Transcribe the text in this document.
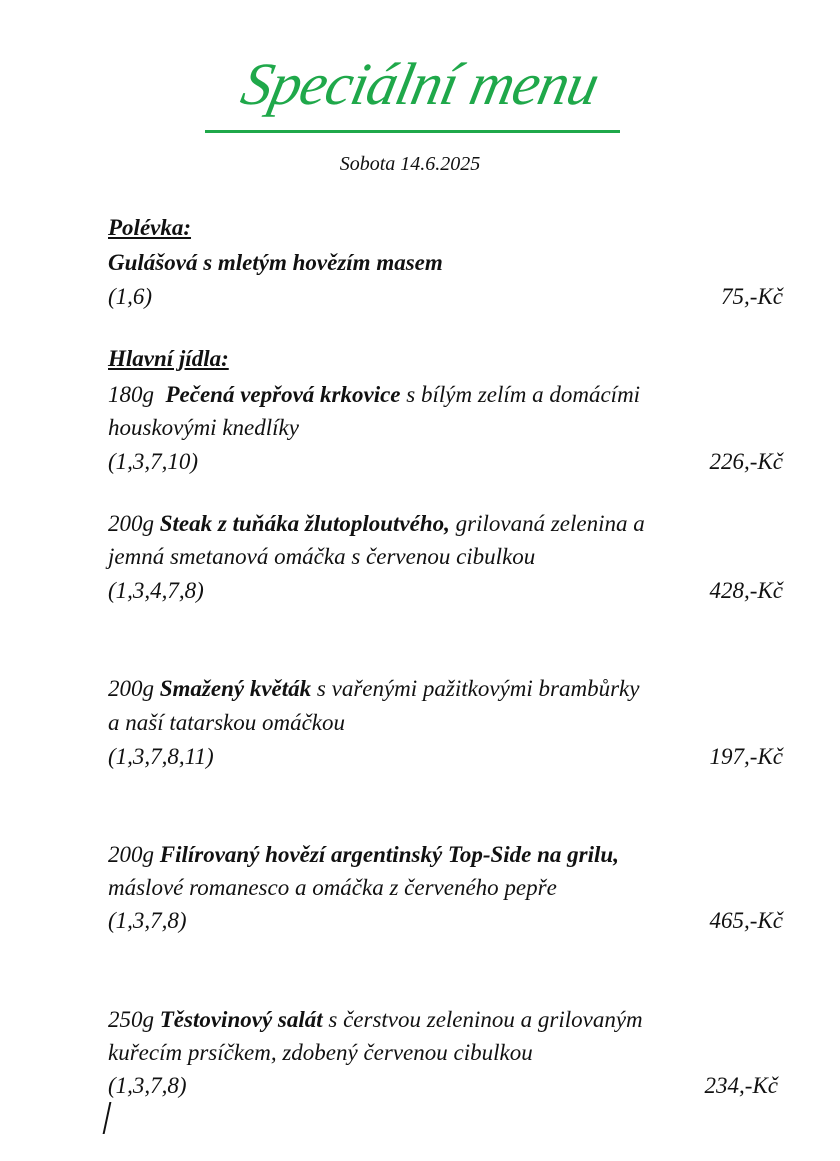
Speciální menu
Sobota 14.6.2025
Polévka:
Gulášová s mletým hovězím masem
(1,6)	75,-Kč
Hlavní jídla:
180g Pečená vepřová krkovice s bílým zelím a domácími
houskovými knedlíky
(1,3,7,10)	226,-Kč
200g Steak z tuňáka žlutoploutvého, grilovaná zelenina a
jemná smetanová omáčka s červenou cibulkou
(1,3,4,7,8)	428,-Kč
200g Smažený květák s vařenými pažitkovými brambůrky
a naší tatarskou omáčkou
(1,3,7,8,11)	197,-Kč
200g Filírovaný hovězí argentinský Top-Side na grilu,
máslové romanesco a omáčka z červeného pepře
(1,3,7,8)	465,-Kč
250g Těstovinový salát s čerstvou zeleninou a grilovaným
kuřecím prsíčkem, zdobený červenou cibulkou
(1,3,7,8)	234,-Kč
